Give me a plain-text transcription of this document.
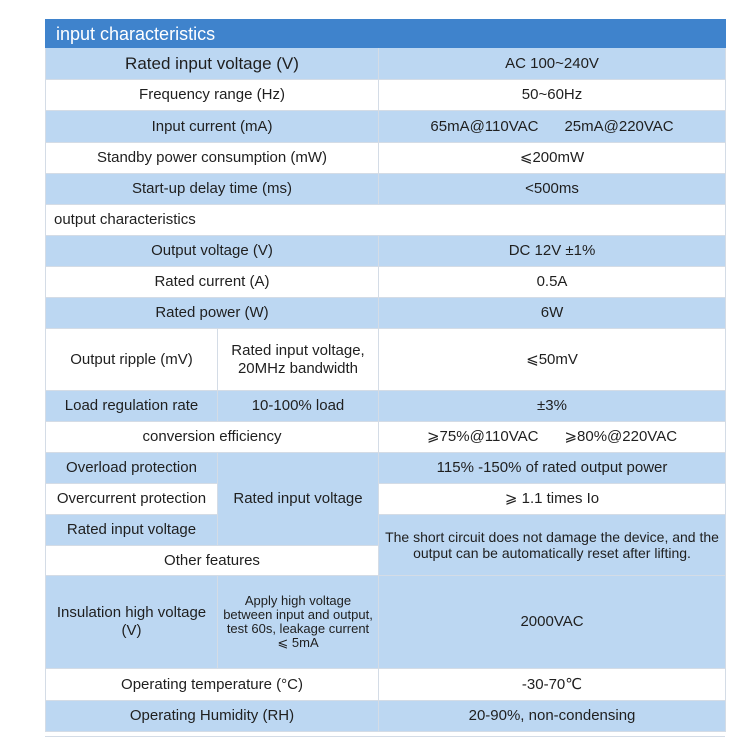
input characteristics		
Rated input voltage (V)		AC 100~240V
Frequency range (Hz)		50~60Hz
Input current (mA)		65mA@110VAC 25mA@220VAC
Standby power consumption (mW)		⩽200mW
Start-up delay time (ms)		<500ms
output characteristics		
Output voltage (V)		DC 12V ±1%
Rated current (A)		0.5A
Rated power (W)		6W
Output ripple (mV)	Rated input voltage, 20MHz bandwidth	⩽50mV
Load regulation rate	10-100% load	±3%
conversion efficiency		⩾75%@110VAC ⩾80%@220VAC
Overload protection	Rated input voltage	115% -150% of rated output power
Overcurrent protection		⩾ 1.1 times Io
Rated input voltage		The short circuit does not damage the device, and the output can be automatically reset after lifting.
Other features		
Insulation high voltage (V)	Apply high voltage between input and output, test 60s, leakage current ⩽ 5mA	2000VAC
Operating temperature (°C)		-30-70℃
Operating Humidity (RH)		20-90%, non-condensing
